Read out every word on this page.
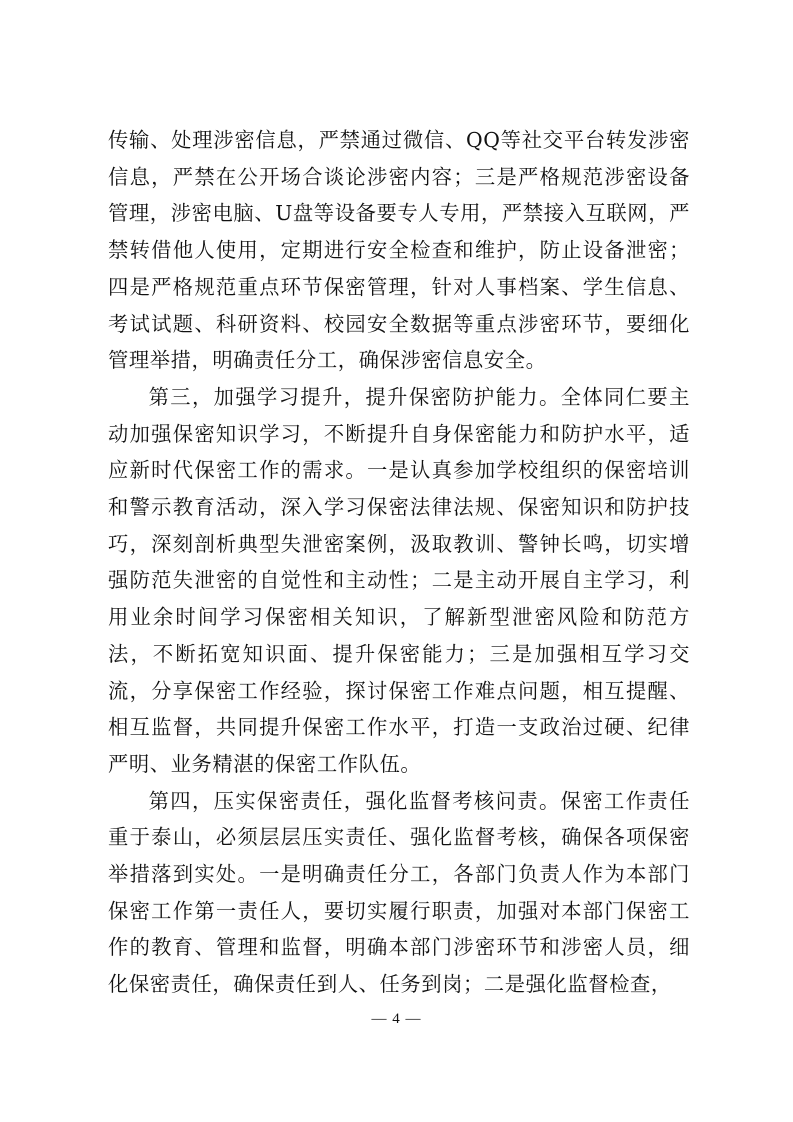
传输、处理涉密信息，严禁通过微信、QQ等社交平台转发涉密信息，严禁在公开场合谈论涉密内容；三是严格规范涉密设备管理，涉密电脑、U盘等设备要专人专用，严禁接入互联网，严禁转借他人使用，定期进行安全检查和维护，防止设备泄密；四是严格规范重点环节保密管理，针对人事档案、学生信息、考试试题、科研资料、校园安全数据等重点涉密环节，要细化管理举措，明确责任分工，确保涉密信息安全。

第三，加强学习提升，提升保密防护能力。全体同仁要主动加强保密知识学习，不断提升自身保密能力和防护水平，适应新时代保密工作的需求。一是认真参加学校组织的保密培训和警示教育活动，深入学习保密法律法规、保密知识和防护技巧，深刻剖析典型失泄密案例，汲取教训、警钟长鸣，切实增强防范失泄密的自觉性和主动性；二是主动开展自主学习，利用业余时间学习保密相关知识，了解新型泄密风险和防范方法，不断拓宽知识面、提升保密能力；三是加强相互学习交流，分享保密工作经验，探讨保密工作难点问题，相互提醒、相互监督，共同提升保密工作水平，打造一支政治过硬、纪律严明、业务精湛的保密工作队伍。

第四，压实保密责任，强化监督考核问责。保密工作责任重于泰山，必须层层压实责任、强化监督考核，确保各项保密举措落到实处。一是明确责任分工，各部门负责人作为本部门保密工作第一责任人，要切实履行职责，加强对本部门保密工作的教育、管理和监督，明确本部门涉密环节和涉密人员，细化保密责任，确保责任到人、任务到岗；二是强化监督检查，

— 4 —
